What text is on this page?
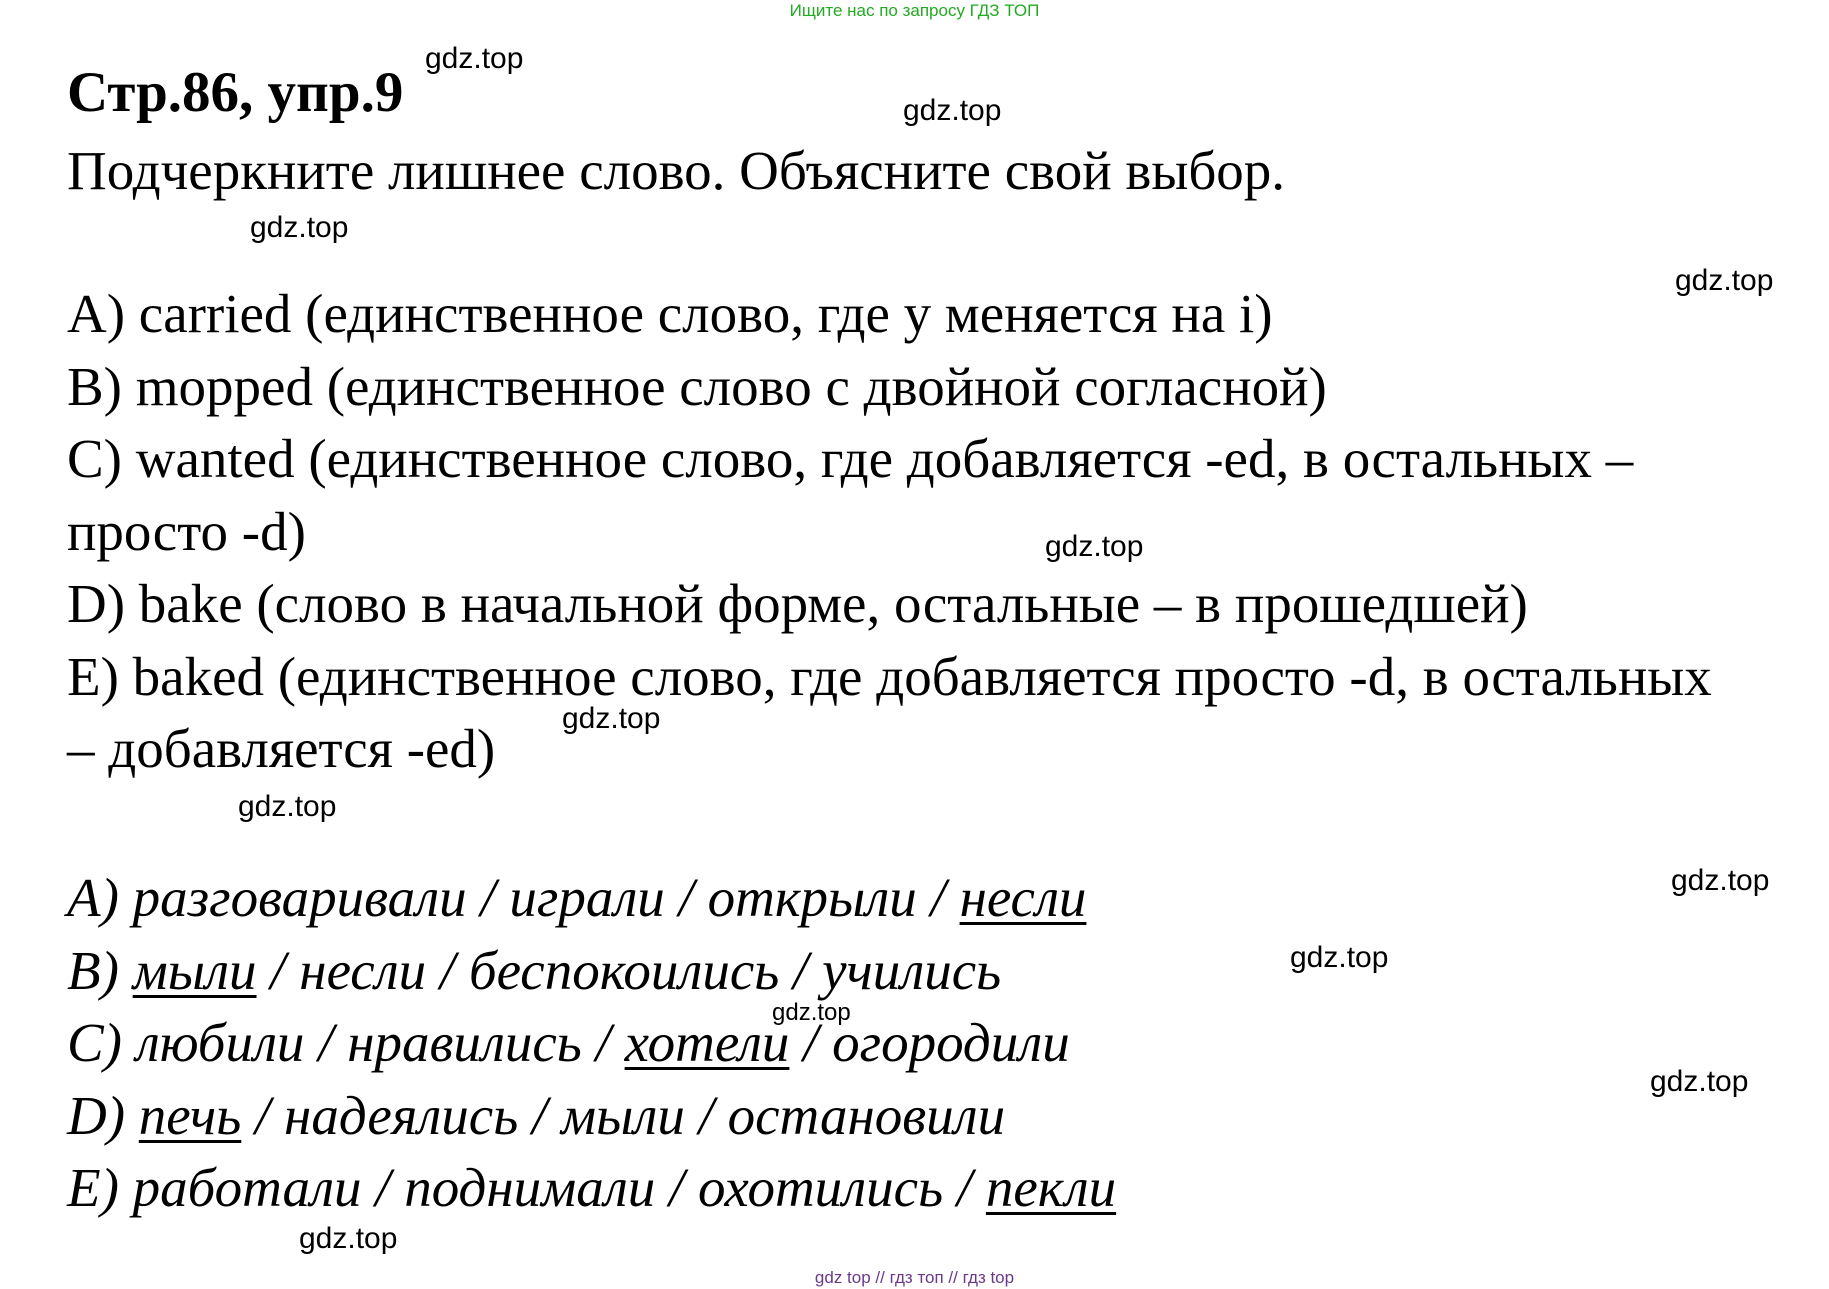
Ищите нас по запросу ГДЗ ТОП
Стр.86, упр.9
Подчеркните лишнее слово. Объясните свой выбор.
A) carried (единственное слово, где у меняется на i)
B) mopped (единственное слово с двойной согласной)
C) wanted (единственное слово, где добавляется -ed, в остальных –
просто -d)
D) bake (слово в начальной форме, остальные – в прошедшей)
E) baked (единственное слово, где добавляется просто -d, в остальных
– добавляется -ed)
A) разговаривали / играли / открыли / несли
B) мыли / несли / беспокоились / учились
C) любили / нравились / хотели / огородили
D) печь / надеялись / мыли / остановили
E) работали / поднимали / охотились / пекли
gdz.top
gdz.top
gdz.top
gdz.top
gdz.top
gdz.top
gdz.top
gdz.top
gdz.top
gdz.top
gdz.top
gdz.top
gdz top // гдз топ // гдз top
